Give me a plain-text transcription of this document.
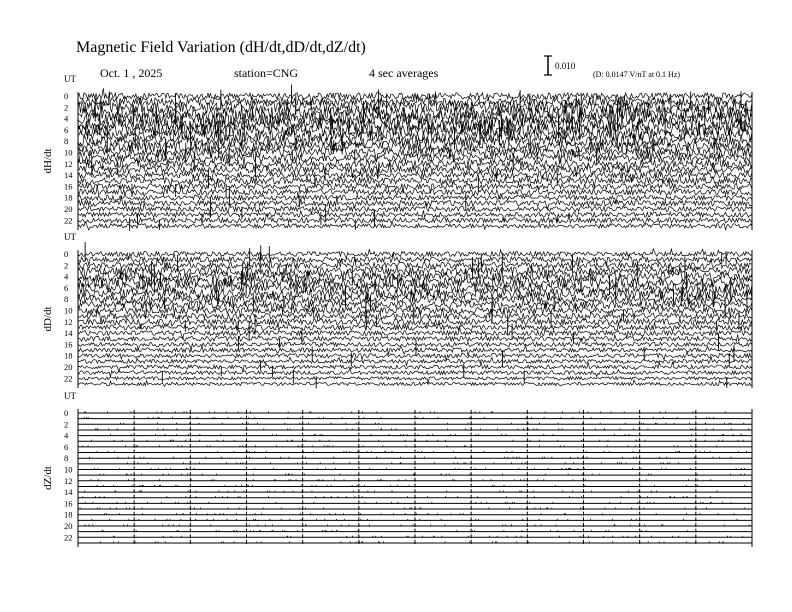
Magnetic Field Variation (dH/dt,dD/dt,dZ/dt)
Oct. 1 , 2025	station=CNG	4 sec averages	0.010
(D: 0.0147 V/nT at 0.1 Hz)
UT
dH/dt
0
2
4
6
8
10
12
14
16
18
20
22
UT
dD/dt
0
2
4
6
8
10
12
14
16
18
20
22
UT
dZ/dt
0
2
4
6
8
10
12
14
16
18
20
22
